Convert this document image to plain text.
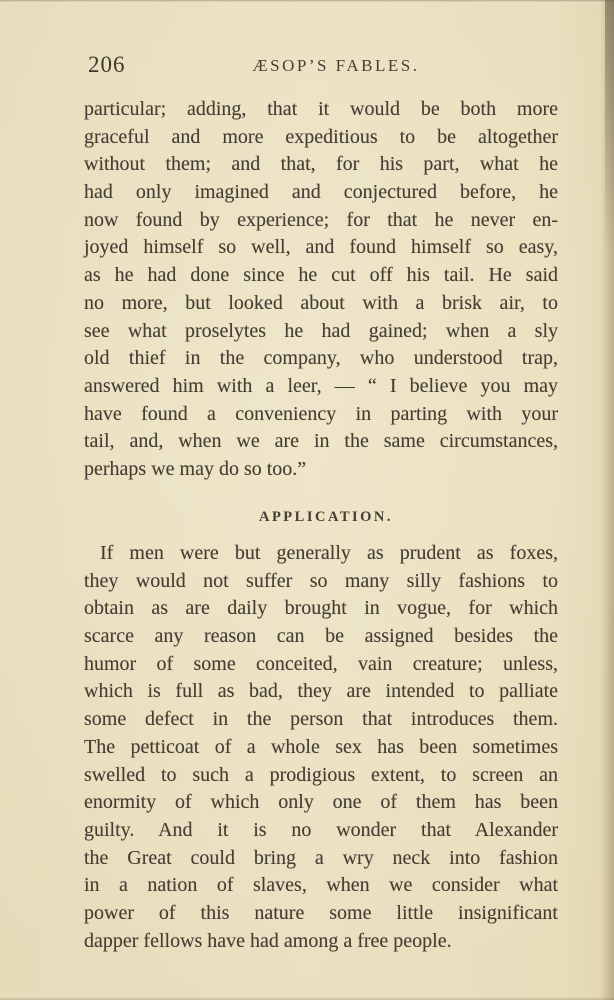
206	ÆSOP’S FABLES.
particular; adding, that it would be both more
graceful and more expeditious to be altogether
without them; and that, for his part, what he
had only imagined and conjectured before, he
now found by experience; for that he never en-
joyed himself so well, and found himself so easy,
as he had done since he cut off his tail. He said
no more, but looked about with a brisk air, to
see what proselytes he had gained; when a sly
old thief in the company, who understood trap,
answered him with a leer, — “ I believe you may
have found a conveniency in parting with your
tail, and, when we are in the same circumstances,
perhaps we may do so too.”
APPLICATION.
If men were but generally as prudent as foxes,
they would not suffer so many silly fashions to
obtain as are daily brought in vogue, for which
scarce any reason can be assigned besides the
humor of some conceited, vain creature; unless,
which is full as bad, they are intended to palliate
some defect in the person that introduces them.
The petticoat of a whole sex has been sometimes
swelled to such a prodigious extent, to screen an
enormity of which only one of them has been
guilty. And it is no wonder that Alexander
the Great could bring a wry neck into fashion
in a nation of slaves, when we consider what
power of this nature some little insignificant
dapper fellows have had among a free people.
